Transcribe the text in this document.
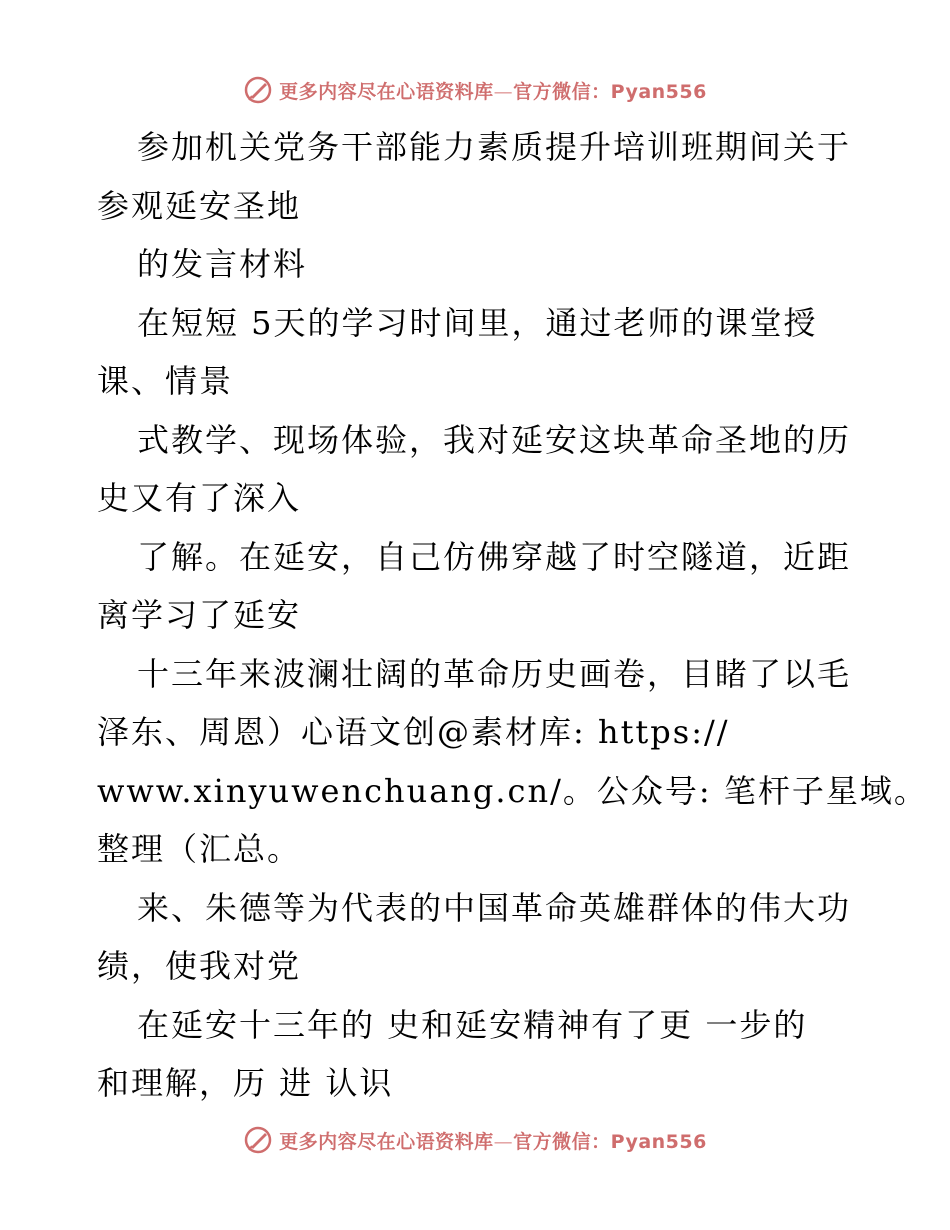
更多内容尽在心语资料库—官方微信：Pyan556
参加机关党务干部能力素质提升培训班期间关于
参观延安圣地
的发言材料
在短短 5天的学习时间里，通过老师的课堂授
课、情景
式教学、现场体验，我对延安这块革命圣地的历
史又有了深入
了解。在延安，自己仿佛穿越了时空隧道，近距
离学习了延安
十三年来波澜壮阔的革命历史画卷，目睹了以毛
泽东、周恩）心语文创@素材库: https://
www.xinyuwenchuang.cn/。公众号: 笔杆子星域。
整理（汇总。
来、朱德等为代表的中国革命英雄群体的伟大功
绩，使我对党
在延安十三年的 史和延安精神有了更 一步的
和理解，历 进 认识
更多内容尽在心语资料库—官方微信：Pyan556
